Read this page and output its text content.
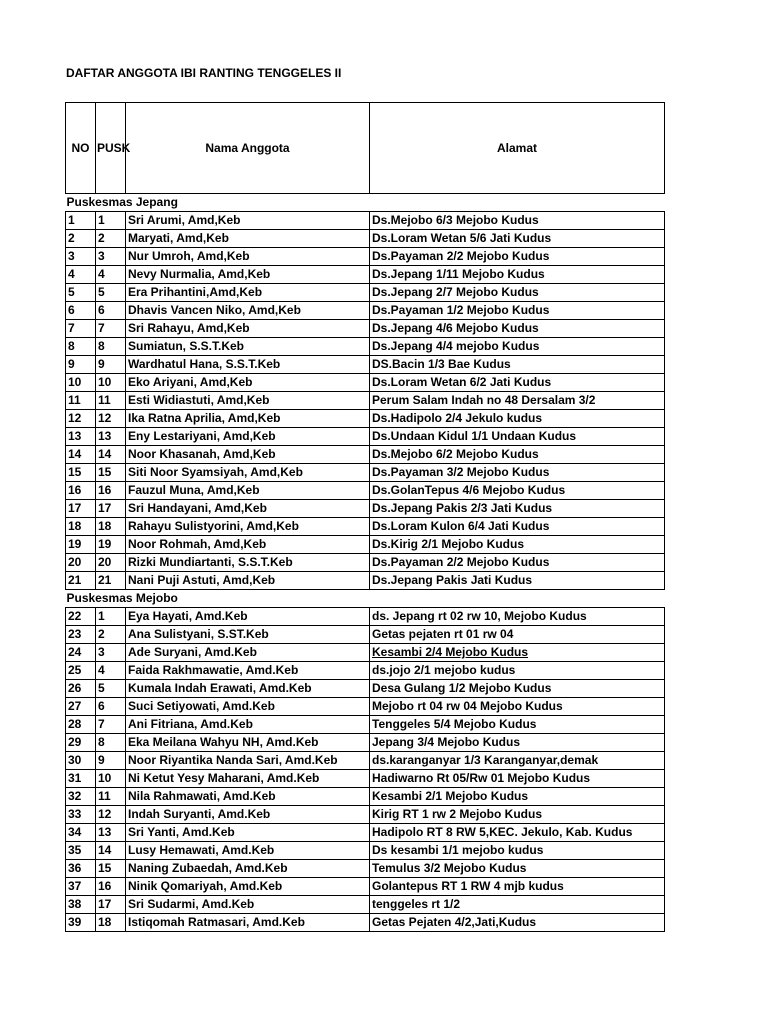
DAFTAR ANGGOTA IBI RANTING TENGGELES II
NO	PUSK	Nama Anggota	Alamat
Puskesmas Jepang			
1	1	Sri Arumi, Amd,Keb	Ds.Mejobo 6/3 Mejobo Kudus
2	2	Maryati, Amd,Keb	Ds.Loram Wetan 5/6 Jati Kudus
3	3	Nur Umroh, Amd,Keb	Ds.Payaman 2/2 Mejobo Kudus
4	4	Nevy Nurmalia, Amd,Keb	Ds.Jepang 1/11 Mejobo Kudus
5	5	Era Prihantini,Amd,Keb	Ds.Jepang 2/7 Mejobo Kudus
6	6	Dhavis Vancen Niko, Amd,Keb	Ds.Payaman 1/2 Mejobo Kudus
7	7	Sri Rahayu, Amd,Keb	Ds.Jepang 4/6 Mejobo Kudus
8	8	Sumiatun, S.S.T.Keb	Ds.Jepang 4/4 mejobo Kudus
9	9	Wardhatul Hana, S.S.T.Keb	DS.Bacin 1/3 Bae Kudus
10	10	Eko Ariyani, Amd,Keb	Ds.Loram Wetan 6/2 Jati Kudus
11	11	Esti Widiastuti, Amd,Keb	Perum Salam Indah no 48 Dersalam 3/2
12	12	Ika Ratna Aprilia, Amd,Keb	Ds.Hadipolo 2/4 Jekulo kudus
13	13	Eny Lestariyani, Amd,Keb	Ds.Undaan Kidul 1/1 Undaan Kudus
14	14	Noor Khasanah, Amd,Keb	Ds.Mejobo 6/2 Mejobo Kudus
15	15	Siti Noor Syamsiyah, Amd,Keb	Ds.Payaman 3/2 Mejobo Kudus
16	16	Fauzul Muna, Amd,Keb	Ds.GolanTepus 4/6 Mejobo Kudus
17	17	Sri Handayani, Amd,Keb	Ds.Jepang Pakis 2/3 Jati Kudus
18	18	Rahayu Sulistyorini, Amd,Keb	Ds.Loram Kulon 6/4 Jati Kudus
19	19	Noor Rohmah, Amd,Keb	Ds.Kirig 2/1 Mejobo Kudus
20	20	Rizki Mundiartanti, S.S.T.Keb	Ds.Payaman 2/2 Mejobo Kudus
21	21	Nani Puji Astuti, Amd,Keb	Ds.Jepang Pakis Jati Kudus
Puskesmas Mejobo			
22	1	Eya Hayati, Amd.Keb	ds. Jepang rt 02 rw 10, Mejobo Kudus
23	2	Ana Sulistyani, S.ST.Keb	Getas pejaten rt 01 rw 04
24	3	Ade Suryani, Amd.Keb	Kesambi 2/4 Mejobo Kudus
25	4	Faida Rakhmawatie, Amd.Keb	ds.jojo 2/1 mejobo kudus
26	5	Kumala Indah Erawati, Amd.Keb	Desa Gulang 1/2 Mejobo Kudus
27	6	Suci Setiyowati, Amd.Keb	Mejobo rt 04 rw 04 Mejobo Kudus
28	7	Ani Fitriana, Amd.Keb	Tenggeles 5/4 Mejobo Kudus
29	8	Eka Meilana Wahyu NH, Amd.Keb	Jepang 3/4 Mejobo Kudus
30	9	Noor Riyantika Nanda Sari, Amd.Keb	ds.karanganyar 1/3 Karanganyar,demak
31	10	Ni Ketut Yesy Maharani, Amd.Keb	Hadiwarno Rt 05/Rw 01 Mejobo Kudus
32	11	Nila Rahmawati, Amd.Keb	Kesambi 2/1 Mejobo Kudus
33	12	Indah Suryanti, Amd.Keb	Kirig RT 1 rw 2 Mejobo Kudus
34	13	Sri Yanti, Amd.Keb	Hadipolo RT 8 RW 5,KEC. Jekulo, Kab. Kudus
35	14	Lusy Hemawati, Amd.Keb	Ds kesambi 1/1 mejobo kudus
36	15	Naning Zubaedah, Amd.Keb	Temulus 3/2 Mejobo Kudus
37	16	Ninik Qomariyah, Amd.Keb	Golantepus RT 1 RW 4 mjb kudus
38	17	Sri Sudarmi, Amd.Keb	tenggeles rt 1/2
39	18	Istiqomah Ratmasari, Amd.Keb	Getas Pejaten 4/2,Jati,Kudus
